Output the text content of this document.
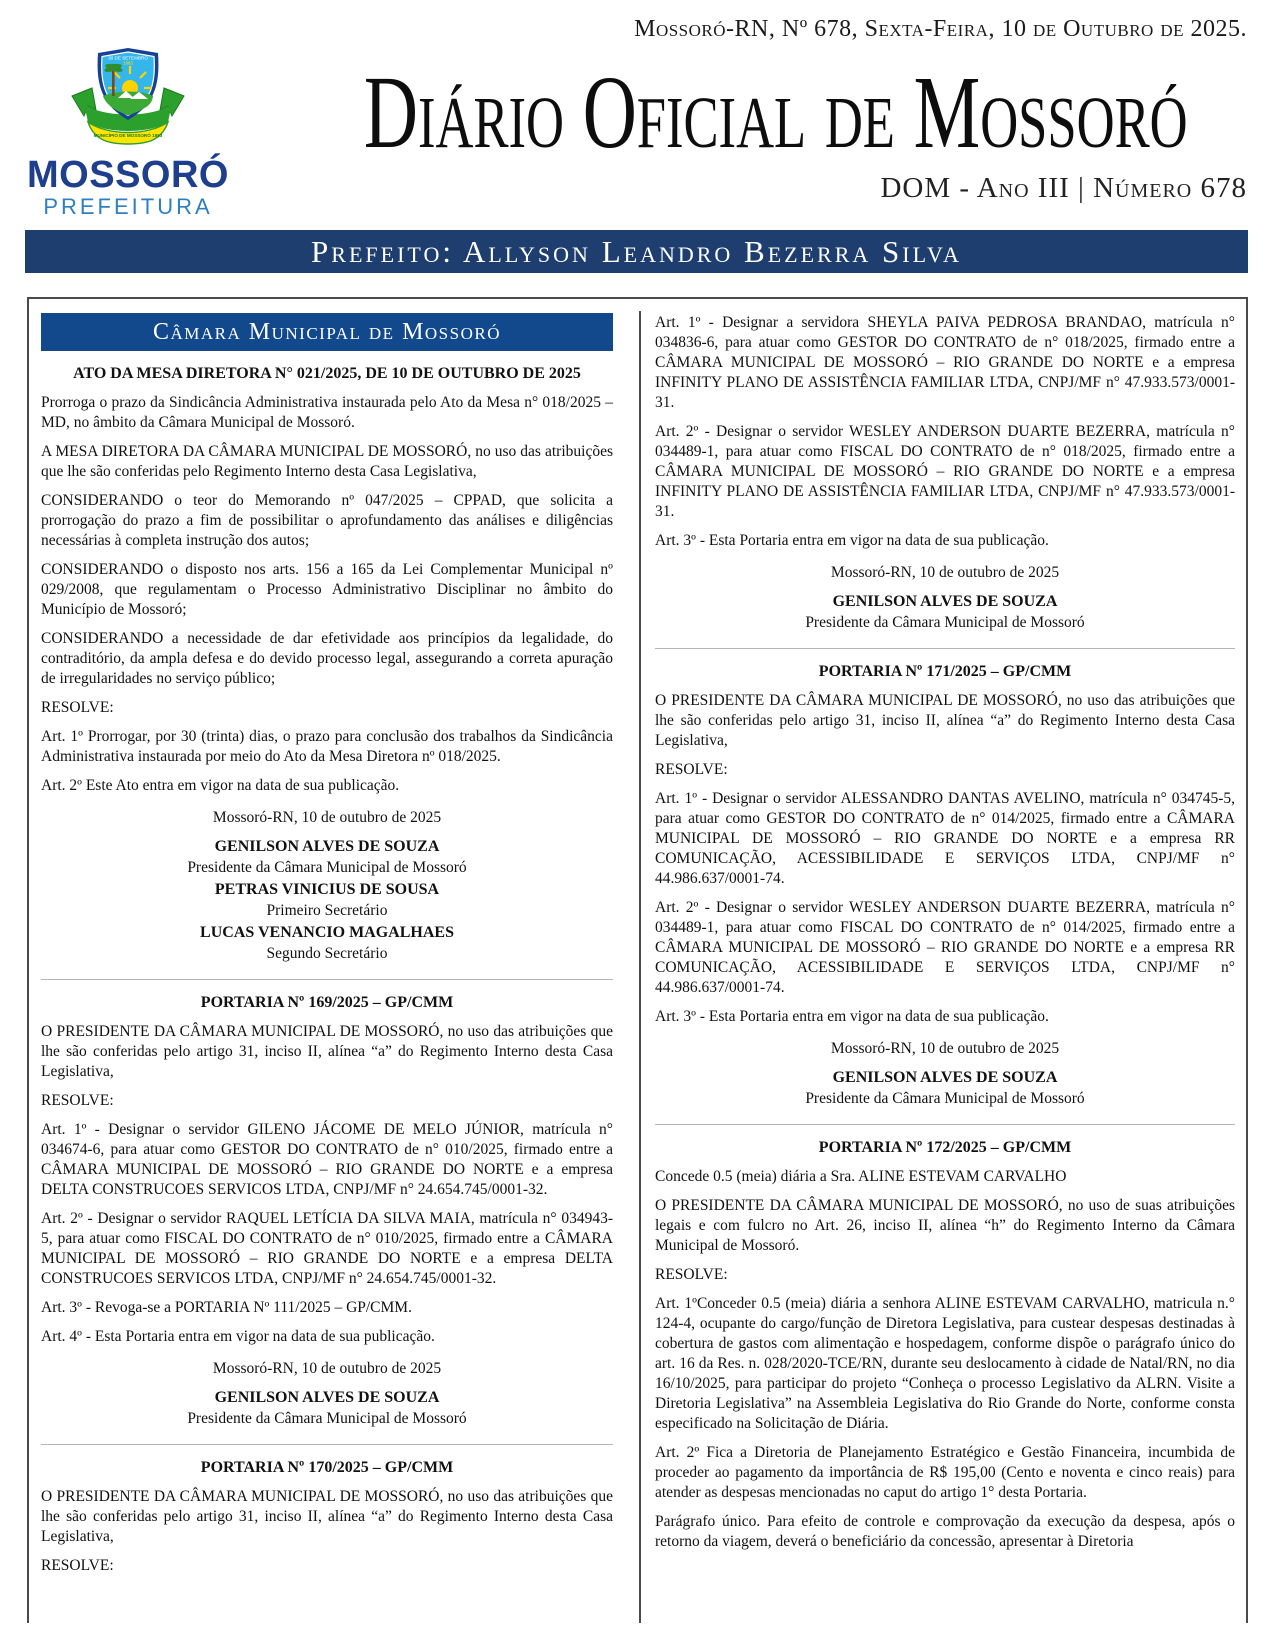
Mossoró-RN, Nº 678, Sexta-Feira, 10 de Outubro de 2025.
30 DE SETEMBRO
1863
MUNICÍPIO DE MOSSORÓ 1853
MOSSORÓ
PREFEITURA
Diário Oficial de Mossoró
DOM - Ano III | Número 678
Prefeito: Allyson Leandro Bezerra Silva
Câmara Municipal de Mossoró
ATO DA MESA DIRETORA N° 021/2025, DE 10 DE OUTUBRO DE 2025
Prorroga o prazo da Sindicância Administrativa instaurada pelo Ato da Mesa n° 018/2025 – MD, no âmbito da Câmara Municipal de Mossoró.
A MESA DIRETORA DA CÂMARA MUNICIPAL DE MOSSORÓ, no uso das atribuições que lhe são conferidas pelo Regimento Interno desta Casa Legislativa,
CONSIDERANDO o teor do Memorando nº 047/2025 – CPPAD, que solicita a prorrogação do prazo a fim de possibilitar o aprofundamento das análises e diligências necessárias à completa instrução dos autos;
CONSIDERANDO o disposto nos arts. 156 a 165 da Lei Complementar Municipal nº 029/2008, que regulamentam o Processo Administrativo Disciplinar no âmbito do Município de Mossoró;
CONSIDERANDO a necessidade de dar efetividade aos princípios da legalidade, do contraditório, da ampla defesa e do devido processo legal, assegurando a correta apuração de irregularidades no serviço público;
RESOLVE:
Art. 1º Prorrogar, por 30 (trinta) dias, o prazo para conclusão dos trabalhos da Sindicância Administrativa instaurada por meio do Ato da Mesa Diretora nº 018/2025.
Art. 2º Este Ato entra em vigor na data de sua publicação.
Mossoró-RN, 10 de outubro de 2025
GENILSON ALVES DE SOUZA
Presidente da Câmara Municipal de Mossoró
PETRAS VINICIUS DE SOUSA
Primeiro Secretário
LUCAS VENANCIO MAGALHAES
Segundo Secretário
PORTARIA Nº 169/2025 – GP/CMM
O PRESIDENTE DA CÂMARA MUNICIPAL DE MOSSORÓ, no uso das atribuições que lhe são conferidas pelo artigo 31, inciso II, alínea “a” do Regimento Interno desta Casa Legislativa,
RESOLVE:
Art. 1º - Designar o servidor GILENO JÁCOME DE MELO JÚNIOR, matrícula n° 034674-6, para atuar como GESTOR DO CONTRATO de n° 010/2025, firmado entre a CÂMARA MUNICIPAL DE MOSSORÓ – RIO GRANDE DO NORTE e a empresa DELTA CONSTRUCOES SERVICOS LTDA, CNPJ/MF n° 24.654.745/0001-32.
Art. 2º - Designar o servidor RAQUEL LETÍCIA DA SILVA MAIA, matrícula n° 034943-5, para atuar como FISCAL DO CONTRATO de n° 010/2025, firmado entre a CÂMARA MUNICIPAL DE MOSSORÓ – RIO GRANDE DO NORTE e a empresa DELTA CONSTRUCOES SERVICOS LTDA, CNPJ/MF n° 24.654.745/0001-32.
Art. 3º - Revoga-se a PORTARIA Nº 111/2025 – GP/CMM.
Art. 4º - Esta Portaria entra em vigor na data de sua publicação.
Mossoró-RN, 10 de outubro de 2025
GENILSON ALVES DE SOUZA
Presidente da Câmara Municipal de Mossoró
PORTARIA Nº 170/2025 – GP/CMM
O PRESIDENTE DA CÂMARA MUNICIPAL DE MOSSORÓ, no uso das atribuições que lhe são conferidas pelo artigo 31, inciso II, alínea “a” do Regimento Interno desta Casa Legislativa,
RESOLVE:
Art. 1º - Designar a servidora SHEYLA PAIVA PEDROSA BRANDAO, matrícula n° 034836-6, para atuar como GESTOR DO CONTRATO de n° 018/2025, firmado entre a CÂMARA MUNICIPAL DE MOSSORÓ – RIO GRANDE DO NORTE e a empresa INFINITY PLANO DE ASSISTÊNCIA FAMILIAR LTDA, CNPJ/MF n° 47.933.573/0001-31.
Art. 2º - Designar o servidor WESLEY ANDERSON DUARTE BEZERRA, matrícula n° 034489-1, para atuar como FISCAL DO CONTRATO de n° 018/2025, firmado entre a CÂMARA MUNICIPAL DE MOSSORÓ – RIO GRANDE DO NORTE e a empresa INFINITY PLANO DE ASSISTÊNCIA FAMILIAR LTDA, CNPJ/MF n° 47.933.573/0001-31.
Art. 3º - Esta Portaria entra em vigor na data de sua publicação.
Mossoró-RN, 10 de outubro de 2025
GENILSON ALVES DE SOUZA
Presidente da Câmara Municipal de Mossoró
PORTARIA Nº 171/2025 – GP/CMM
O PRESIDENTE DA CÂMARA MUNICIPAL DE MOSSORÓ, no uso das atribuições que lhe são conferidas pelo artigo 31, inciso II, alínea “a” do Regimento Interno desta Casa Legislativa,
RESOLVE:
Art. 1º - Designar o servidor ALESSANDRO DANTAS AVELINO, matrícula n° 034745-5, para atuar como GESTOR DO CONTRATO de n° 014/2025, firmado entre a CÂMARA MUNICIPAL DE MOSSORÓ – RIO GRANDE DO NORTE e a empresa RR COMUNICAÇÃO, ACESSIBILIDADE E SERVIÇOS LTDA, CNPJ/MF n° 44.986.637/0001-74.
Art. 2º - Designar o servidor WESLEY ANDERSON DUARTE BEZERRA, matrícula n° 034489-1, para atuar como FISCAL DO CONTRATO de n° 014/2025, firmado entre a CÂMARA MUNICIPAL DE MOSSORÓ – RIO GRANDE DO NORTE e a empresa RR COMUNICAÇÃO, ACESSIBILIDADE E SERVIÇOS LTDA, CNPJ/MF n° 44.986.637/0001-74.
Art. 3º - Esta Portaria entra em vigor na data de sua publicação.
Mossoró-RN, 10 de outubro de 2025
GENILSON ALVES DE SOUZA
Presidente da Câmara Municipal de Mossoró
PORTARIA Nº 172/2025 – GP/CMM
Concede 0.5 (meia) diária a Sra. ALINE ESTEVAM CARVALHO
O PRESIDENTE DA CÂMARA MUNICIPAL DE MOSSORÓ, no uso de suas atribuições legais e com fulcro no Art. 26, inciso II, alínea “h” do Regimento Interno da Câmara Municipal de Mossoró.
RESOLVE:
Art. 1ºConceder 0.5 (meia) diária a senhora ALINE ESTEVAM CARVALHO, matricula n.° 124-4, ocupante do cargo/função de Diretora Legislativa, para custear despesas destinadas à cobertura de gastos com alimentação e hospedagem, conforme dispõe o parágrafo único do art. 16 da Res. n. 028/2020-TCE/RN, durante seu deslocamento à cidade de Natal/RN, no dia 16/10/2025, para participar do projeto “Conheça o processo Legislativo da ALRN. Visite a Diretoria Legislativa” na Assembleia Legislativa do Rio Grande do Norte, conforme consta especificado na Solicitação de Diária.
Art. 2º Fica a Diretoria de Planejamento Estratégico e Gestão Financeira, incumbida de proceder ao pagamento da importância de R$ 195,00 (Cento e noventa e cinco reais) para atender as despesas mencionadas no caput do artigo 1° desta Portaria.
Parágrafo único. Para efeito de controle e comprovação da execução da despesa, após o retorno da viagem, deverá o beneficiário da concessão, apresentar à Diretoria
